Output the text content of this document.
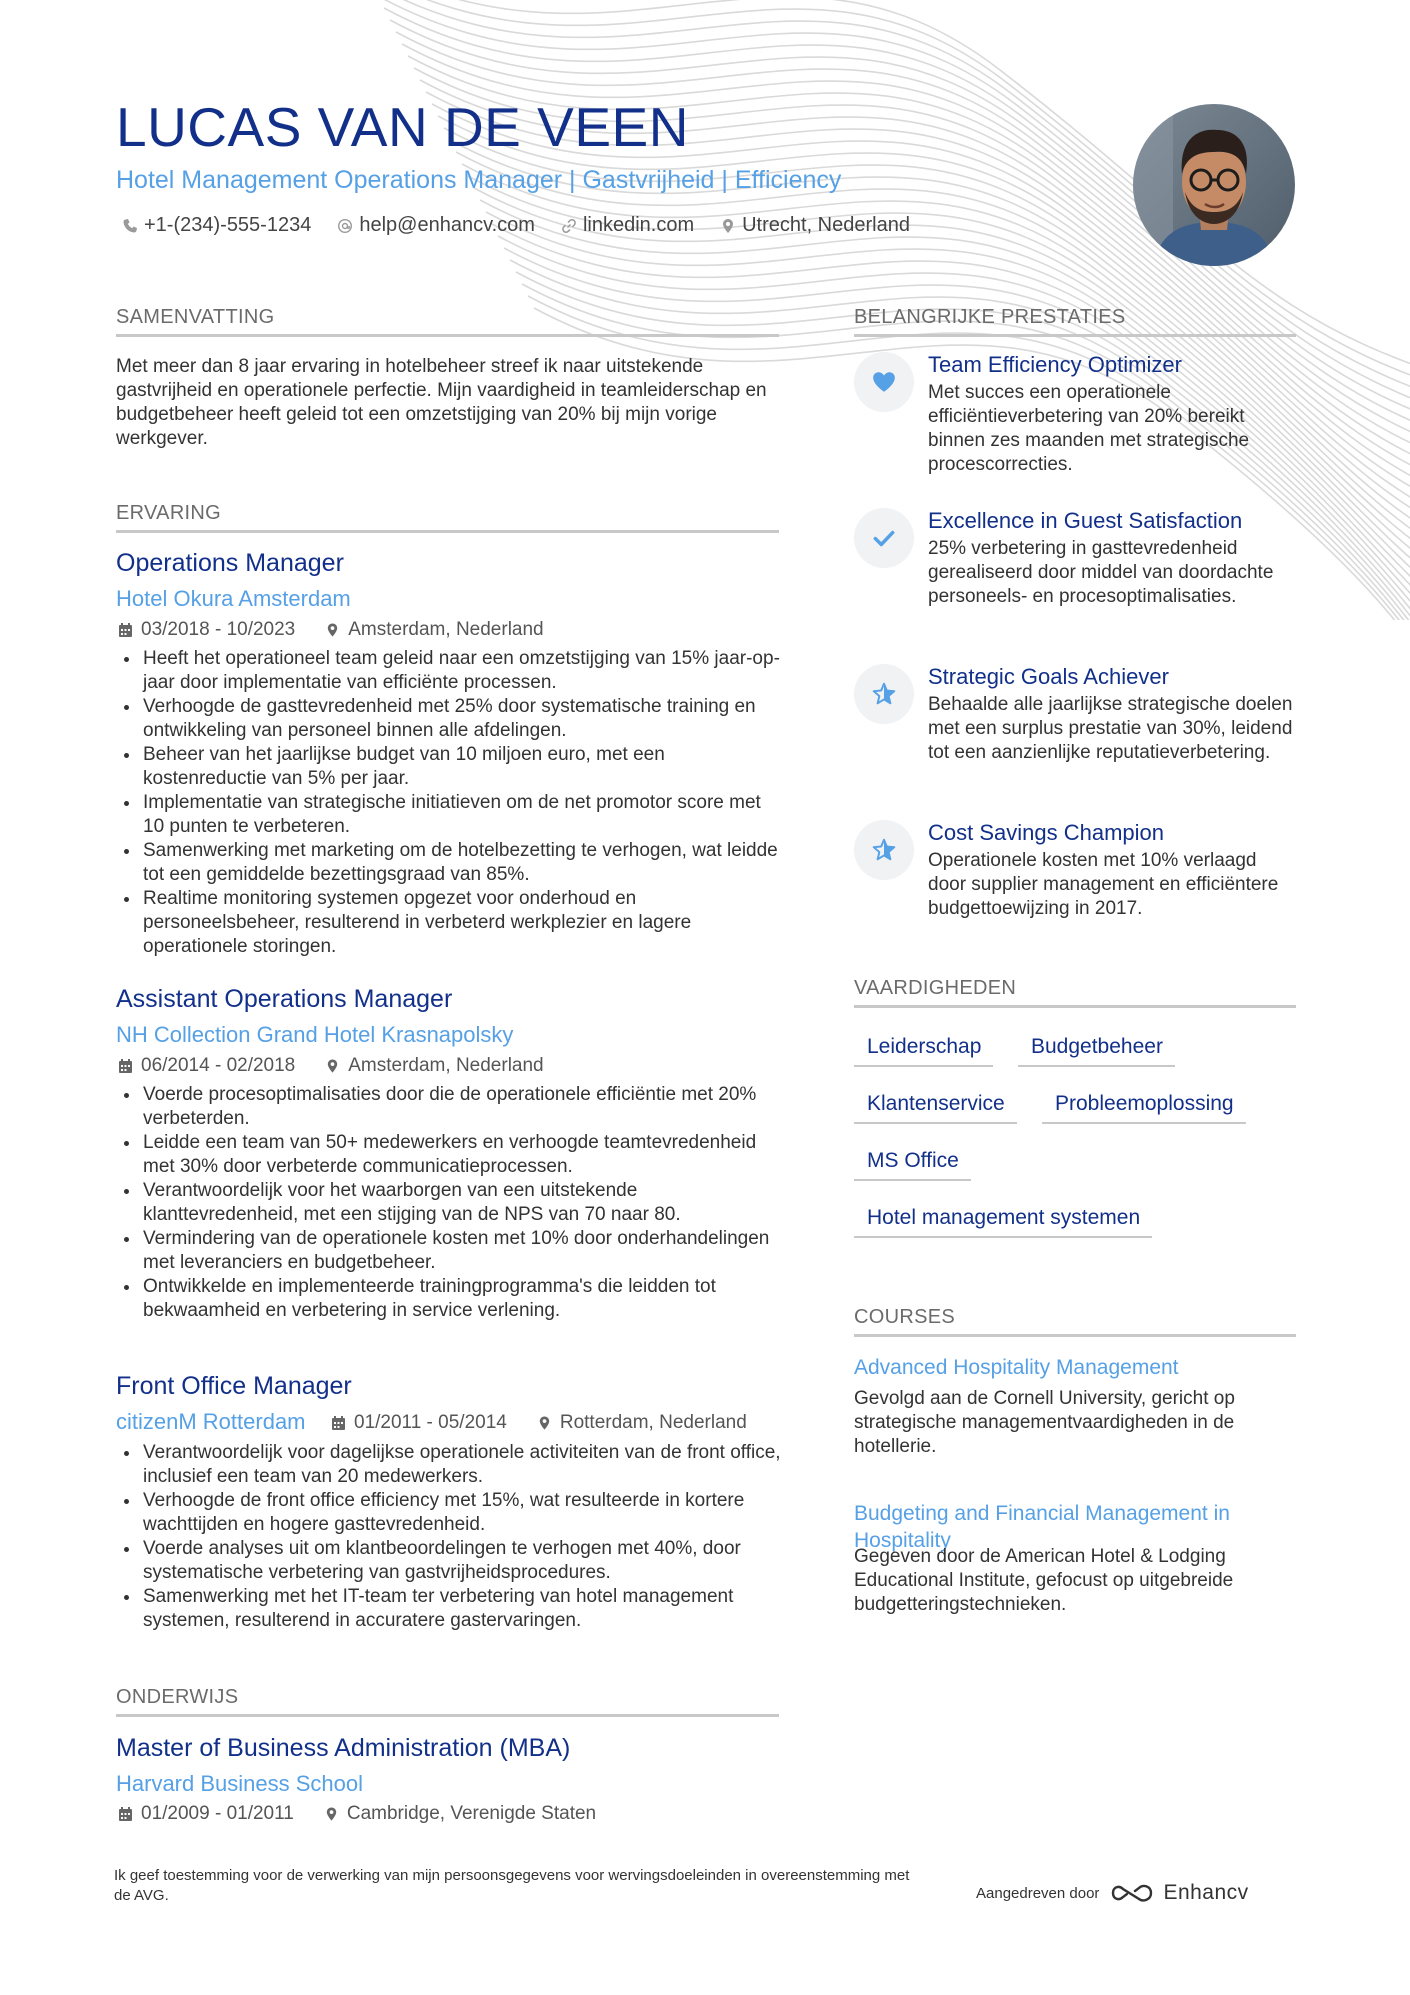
LUCAS VAN DE VEEN
Hotel Management Operations Manager | Gastvrijheid | Efficiency
+1-(234)-555-1234 help@enhancv.com linkedin.com Utrecht, Nederland
SAMENVATTING
Met meer dan 8 jaar ervaring in hotelbeheer streef ik naar uitstekende gastvrijheid en operationele perfectie. Mijn vaardigheid in teamleiderschap en budgetbeheer heeft geleid tot een omzetstijging van 20% bij mijn vorige werkgever.
ERVARING
Operations Manager
Hotel Okura Amsterdam
03/2018 - 10/2023	Amsterdam, Nederland
Heeft het operationeel team geleid naar een omzetstijging van 15% jaar-op-jaar door implementatie van efficiënte processen.
Verhoogde de gasttevredenheid met 25% door systematische training en ontwikkeling van personeel binnen alle afdelingen.
Beheer van het jaarlijkse budget van 10 miljoen euro, met een kostenreductie van 5% per jaar.
Implementatie van strategische initiatieven om de net promotor score met 10 punten te verbeteren.
Samenwerking met marketing om de hotelbezetting te verhogen, wat leidde tot een gemiddelde bezettingsgraad van 85%.
Realtime monitoring systemen opgezet voor onderhoud en personeelsbeheer, resulterend in verbeterd werkplezier en lagere operationele storingen.
Assistant Operations Manager
NH Collection Grand Hotel Krasnapolsky
06/2014 - 02/2018	Amsterdam, Nederland
Voerde procesoptimalisaties door die de operationele efficiëntie met 20% verbeterden.
Leidde een team van 50+ medewerkers en verhoogde teamtevredenheid met 30% door verbeterde communicatieprocessen.
Verantwoordelijk voor het waarborgen van een uitstekende klanttevredenheid, met een stijging van de NPS van 70 naar 80.
Vermindering van de operationele kosten met 10% door onderhandelingen met leveranciers en budgetbeheer.
Ontwikkelde en implementeerde trainingprogramma's die leidden tot bekwaamheid en verbetering in service verlening.
Front Office Manager
citizenM Rotterdam	01/2011 - 05/2014	Rotterdam, Nederland
Verantwoordelijk voor dagelijkse operationele activiteiten van de front office, inclusief een team van 20 medewerkers.
Verhoogde de front office efficiency met 15%, wat resulteerde in kortere wachttijden en hogere gasttevredenheid.
Voerde analyses uit om klantbeoordelingen te verhogen met 40%, door systematische verbetering van gastvrijheidsprocedures.
Samenwerking met het IT-team ter verbetering van hotel management systemen, resulterend in accuratere gastervaringen.
ONDERWIJS
Master of Business Administration (MBA)
Harvard Business School
01/2009 - 01/2011	Cambridge, Verenigde Staten
BELANGRIJKE PRESTATIES
Team Efficiency Optimizer
Met succes een operationele efficiëntieverbetering van 20% bereikt binnen zes maanden met strategische procescorrecties.
Excellence in Guest Satisfaction
25% verbetering in gasttevredenheid gerealiseerd door middel van doordachte personeels- en procesoptimalisaties.
Strategic Goals Achiever
Behaalde alle jaarlijkse strategische doelen met een surplus prestatie van 30%, leidend tot een aanzienlijke reputatieverbetering.
Cost Savings Champion
Operationele kosten met 10% verlaagd door supplier management en efficiëntere budgettoewijzing in 2017.
VAARDIGHEDEN
Leiderschap	Budgetbeheer
Klantenservice	Probleemoplossing
MS Office
Hotel management systemen
COURSES
Advanced Hospitality Management
Gevolgd aan de Cornell University, gericht op strategische managementvaardigheden in de hotellerie.
Budgeting and Financial Management in Hospitality
Gegeven door de American Hotel & Lodging Educational Institute, gefocust op uitgebreide budgetteringstechnieken.
Ik geef toestemming voor de verwerking van mijn persoonsgegevens voor wervingsdoeleinden in overeenstemming met de AVG.	Aangedreven door	Enhancv
